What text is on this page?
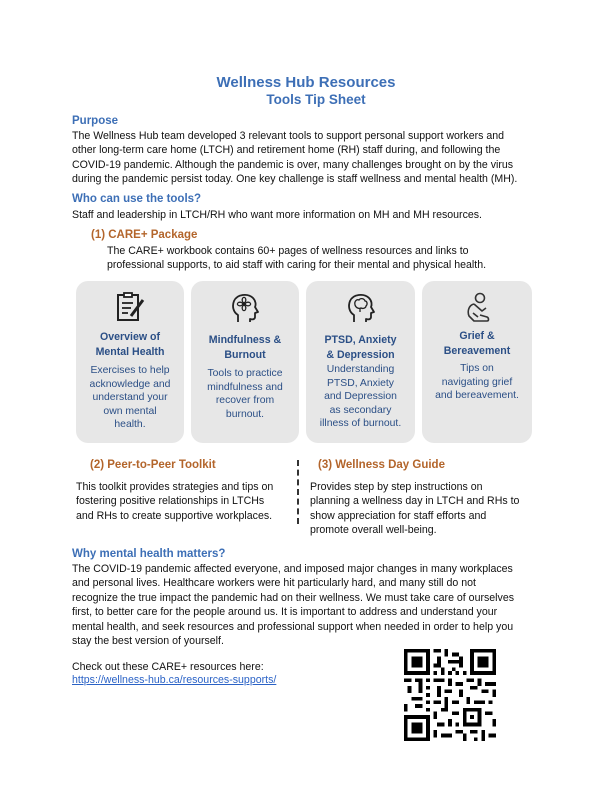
Wellness Hub Resources
Tools Tip Sheet
Purpose
The Wellness Hub team developed 3 relevant tools to support personal support workers and
other long-term care home (LTCH) and retirement home (RH) staff during, and following the
COVID-19 pandemic. Although the pandemic is over, many challenges brought on by the virus
during the pandemic persist today. One key challenge is staff wellness and mental health (MH).
Who can use the tools?
Staff and leadership in LTCH/RH who want more information on MH and MH resources.
(1) CARE+ Package
The CARE+ workbook contains 60+ pages of wellness resources and links to
professional supports, to aid staff with caring for their mental and physical health.
Overview of
Mental Health
Exercises to help
acknowledge and
understand your
own mental
health.
Mindfulness &
Burnout
Tools to practice
mindfulness and
recover from
burnout.
PTSD, Anxiety
& Depression
Understanding
PTSD, Anxiety
and Depression
as secondary
illness of burnout.
Grief &
Bereavement
Tips on
navigating grief
and bereavement.
(2) Peer-to-Peer Toolkit
This toolkit provides strategies and tips on
fostering positive relationships in LTCHs
and RHs to create supportive workplaces.
(3) Wellness Day Guide
Provides step by step instructions on
planning a wellness day in LTCH and RHs to
show appreciation for staff efforts and
promote overall well-being.
Why mental health matters?
The COVID-19 pandemic affected everyone, and imposed major changes in many workplaces
and personal lives. Healthcare workers were hit particularly hard, and many still do not
recognize the true impact the pandemic had on their wellness. We must take care of ourselves
first, to better care for the people around us. It is important to address and understand your
mental health, and seek resources and professional support when needed in order to help you
stay the best version of yourself.
Check out these CARE+ resources here:
https://wellness-hub.ca/resources-supports/
